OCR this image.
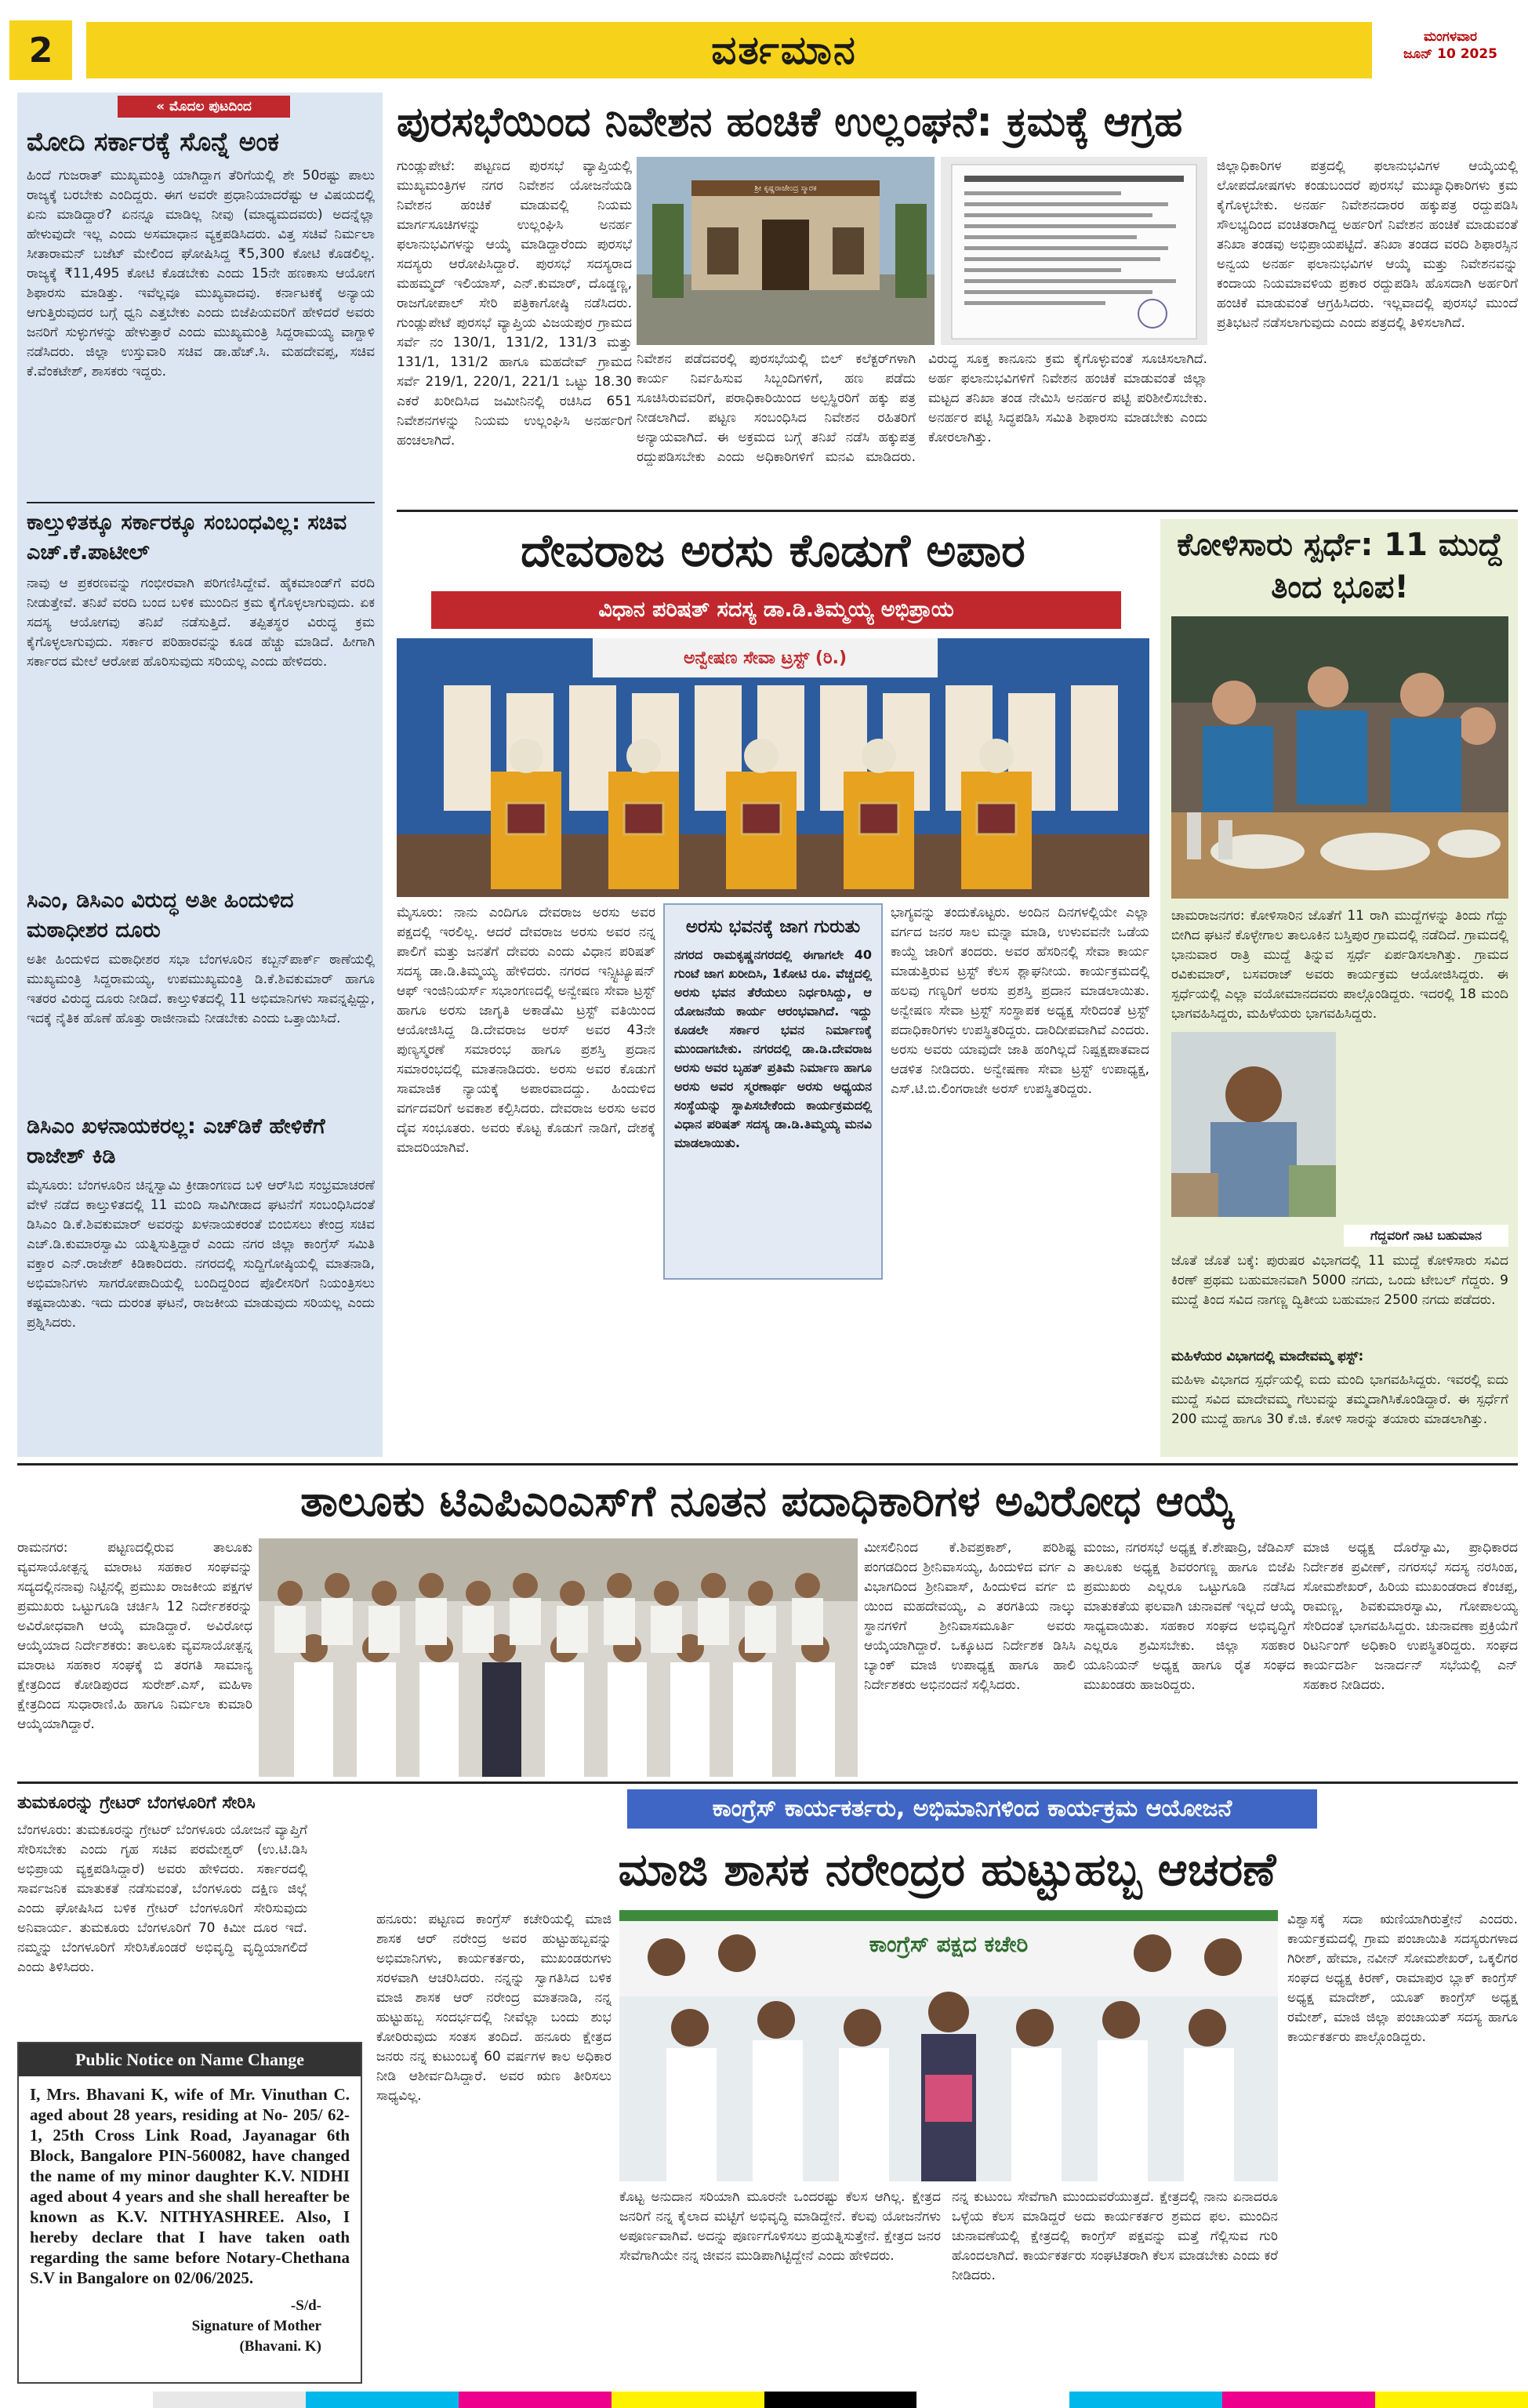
2	ವರ್ತಮಾನ	ಮಂಗಳವಾರ
ಜೂನ್ 10 2025
« ಮೊದಲ ಪುಟದಿಂದ
ಮೋದಿ ಸರ್ಕಾರಕ್ಕೆ ಸೊನ್ನೆ ಅಂಕ
ಹಿಂದೆ ಗುಜರಾತ್ ಮುಖ್ಯಮಂತ್ರಿ ಯಾಗಿದ್ದಾಗ ತೆರಿಗೆಯಲ್ಲಿ ಶೇ 50ರಷ್ಟು ಪಾಲು ರಾಜ್ಯಕ್ಕೆ ಬರಬೇಕು ಎಂದಿದ್ದರು. ಈಗ ಅವರೇ ಪ್ರಧಾನಿಯಾದರೆಷ್ಟು ಆ ವಿಷಯದಲ್ಲಿ ಏನು ಮಾಡಿದ್ದಾರೆ? ಏನನ್ನೂ ಮಾಡಿಲ್ಲ ನೀವು (ಮಾಧ್ಯಮದವರು) ಅದನ್ನೆಲ್ಲಾ ಹೇಳುವುದೇ ಇಲ್ಲ ಎಂದು ಅಸಮಾಧಾನ ವ್ಯಕ್ತಪಡಿಸಿದರು. ವಿತ್ತ ಸಚಿವೆ ನಿರ್ಮಲಾ ಸೀತಾರಾಮನ್ ಬಜೆಟ್ ಮೇಲಿಂದ ಘೋಷಿಸಿದ್ದ ₹5,300 ಕೋಟಿ ಕೊಡಲಿಲ್ಲ. ರಾಜ್ಯಕ್ಕೆ ₹11,495 ಕೋಟಿ ಕೊಡಬೇಕು ಎಂದು 15ನೇ ಹಣಕಾಸು ಆಯೋಗ ಶಿಫಾರಸು ಮಾಡಿತ್ತು. ಇವೆಲ್ಲವೂ ಮುಖ್ಯವಾದವು. ಕರ್ನಾಟಕಕ್ಕೆ ಅನ್ಯಾಯ ಆಗುತ್ತಿರುವುದರ ಬಗ್ಗೆ ಧ್ವನಿ ಎತ್ತಬೇಕು ಎಂದು ಬಿಜೆಪಿಯವರಿಗೆ ಹೇಳಿದರೆ ಅವರು ಜನರಿಗೆ ಸುಳ್ಳುಗಳನ್ನು ಹೇಳುತ್ತಾರೆ ಎಂದು ಮುಖ್ಯಮಂತ್ರಿ ಸಿದ್ದರಾಮಯ್ಯ ವಾಗ್ದಾಳಿ ನಡೆಸಿದರು. ಜಿಲ್ಲಾ ಉಸ್ತುವಾರಿ ಸಚಿವ ಡಾ.ಹೆಚ್.ಸಿ. ಮಹದೇವಪ್ಪ, ಸಚಿವ ಕೆ.ವೆಂಕಟೇಶ್, ಶಾಸಕರು ಇದ್ದರು.
ಕಾಲ್ತುಳಿತಕ್ಕೂ ಸರ್ಕಾರಕ್ಕೂ ಸಂಬಂಧವಿಲ್ಲ: ಸಚಿವ ಎಚ್.ಕೆ.ಪಾಟೀಲ್
ನಾವು ಆ ಪ್ರಕರಣವನ್ನು ಗಂಭೀರವಾಗಿ ಪರಿಗಣಿಸಿದ್ದೇವೆ. ಹೈಕಮಾಂಡ್‌ಗೆ ವರದಿ ನೀಡುತ್ತೇವೆ. ತನಿಖೆ ವರದಿ ಬಂದ ಬಳಿಕ ಮುಂದಿನ ಕ್ರಮ ಕೈಗೊಳ್ಳಲಾಗುವುದು. ಏಕ ಸದಸ್ಯ ಆಯೋಗವು ತನಿಖೆ ನಡೆಸುತ್ತಿದೆ. ತಪ್ಪಿತಸ್ಥರ ವಿರುದ್ಧ ಕ್ರಮ ಕೈಗೊಳ್ಳಲಾಗುವುದು. ಸರ್ಕಾರ ಪರಿಹಾರವನ್ನು ಕೂಡ ಹೆಚ್ಚು ಮಾಡಿದೆ. ಹೀಗಾಗಿ ಸರ್ಕಾರದ ಮೇಲೆ ಆರೋಪ ಹೊರಿಸುವುದು ಸರಿಯಲ್ಲ ಎಂದು ಹೇಳಿದರು.
ಸಿಎಂ, ಡಿಸಿಎಂ ವಿರುದ್ಧ ಅತೀ ಹಿಂದುಳಿದ ಮಠಾಧೀಶರ ದೂರು
ಅತೀ ಹಿಂದುಳಿದ ಮಠಾಧೀಶರ ಸಭಾ ಬೆಂಗಳೂರಿನ ಕಬ್ಬನ್‌ಪಾರ್ಕ್ ಠಾಣೆಯಲ್ಲಿ ಮುಖ್ಯಮಂತ್ರಿ ಸಿದ್ದರಾಮಯ್ಯ, ಉಪಮುಖ್ಯಮಂತ್ರಿ ಡಿ.ಕೆ.ಶಿವಕುಮಾರ್ ಹಾಗೂ ಇತರರ ವಿರುದ್ಧ ದೂರು ನೀಡಿದೆ. ಕಾಲ್ತುಳಿತದಲ್ಲಿ 11 ಅಭಿಮಾನಿಗಳು ಸಾವನ್ನಪ್ಪಿದ್ದು, ಇದಕ್ಕೆ ನೈತಿಕ ಹೊಣೆ ಹೊತ್ತು ರಾಜೀನಾಮೆ ನೀಡಬೇಕು ಎಂದು ಒತ್ತಾಯಿಸಿದೆ.
ಡಿಸಿಎಂ ಖಳನಾಯಕರಲ್ಲ: ಎಚ್‌ಡಿಕೆ ಹೇಳಿಕೆಗೆ ರಾಜೇಶ್ ಕಿಡಿ
ಮೈಸೂರು: ಬೆಂಗಳೂರಿನ ಚಿನ್ನಸ್ವಾಮಿ ಕ್ರೀಡಾಂಗಣದ ಬಳಿ ಆರ್‌ಸಿಬಿ ಸಂಭ್ರಮಾಚರಣೆ ವೇಳೆ ನಡೆದ ಕಾಲ್ತುಳಿತದಲ್ಲಿ 11 ಮಂದಿ ಸಾವಿಗೀಡಾದ ಘಟನೆಗೆ ಸಂಬಂಧಿಸಿದಂತೆ ಡಿಸಿಎಂ ಡಿ.ಕೆ.ಶಿವಕುಮಾರ್ ಅವರನ್ನು ಖಳನಾಯಕರಂತೆ ಬಿಂಬಿಸಲು ಕೇಂದ್ರ ಸಚಿವ ಎಚ್.ಡಿ.ಕುಮಾರಸ್ವಾಮಿ ಯತ್ನಿಸುತ್ತಿದ್ದಾರೆ ಎಂದು ನಗರ ಜಿಲ್ಲಾ ಕಾಂಗ್ರೆಸ್ ಸಮಿತಿ ವಕ್ತಾರ ಎನ್.ರಾಜೇಶ್ ಕಿಡಿಕಾರಿದರು. ನಗರದಲ್ಲಿ ಸುದ್ದಿಗೋಷ್ಠಿಯಲ್ಲಿ ಮಾತನಾಡಿ, ಅಭಿಮಾನಿಗಳು ಸಾಗರೋಪಾದಿಯಲ್ಲಿ ಬಂದಿದ್ದರಿಂದ ಪೊಲೀಸರಿಗೆ ನಿಯಂತ್ರಿಸಲು ಕಷ್ಟವಾಯಿತು. ಇದು ದುರಂತ ಘಟನೆ, ರಾಜಕೀಯ ಮಾಡುವುದು ಸರಿಯಲ್ಲ ಎಂದು ಪ್ರಶ್ನಿಸಿದರು.
ಪುರಸಭೆಯಿಂದ ನಿವೇಶನ ಹಂಚಿಕೆ ಉಲ್ಲಂಘನೆ: ಕ್ರಮಕ್ಕೆ ಆಗ್ರಹ
ಗುಂಡ್ಲುಪೇಟೆ: ಪಟ್ಟಣದ ಪುರಸಭೆ ವ್ಯಾಪ್ತಿಯಲ್ಲಿ ಮುಖ್ಯಮಂತ್ರಿಗಳ ನಗರ ನಿವೇಶನ ಯೋಜನೆಯಡಿ ನಿವೇಶನ ಹಂಚಿಕೆ ಮಾಡುವಲ್ಲಿ ನಿಯಮ ಮಾರ್ಗಸೂಚಿಗಳನ್ನು ಉಲ್ಲಂಘಿಸಿ ಅನರ್ಹ ಫಲಾನುಭವಿಗಳನ್ನು ಆಯ್ಕೆ ಮಾಡಿದ್ದಾರೆಂದು ಪುರಸಭೆ ಸದಸ್ಯರು ಆರೋಪಿಸಿದ್ದಾರೆ. ಪುರಸಭೆ ಸದಸ್ಯರಾದ ಮಹಮ್ಮದ್ ಇಲಿಯಾಸ್, ಎನ್.ಕುಮಾರ್, ದೊಡ್ಡಣ್ಣ, ರಾಜಗೋಪಾಲ್ ಸೇರಿ ಪತ್ರಿಕಾಗೋಷ್ಠಿ ನಡೆಸಿದರು. ಗುಂಡ್ಲುಪೇಟೆ ಪುರಸಭೆ ವ್ಯಾಪ್ತಿಯ ವಿಜಯಪುರ ಗ್ರಾಮದ ಸರ್ವೆ ನಂ 130/1, 131/2, 131/3 ಮತ್ತು 131/1, 131/2 ಹಾಗೂ ಮಹದೇವ್ ಗ್ರಾಮದ ಸರ್ವೆ 219/1, 220/1, 221/1 ಒಟ್ಟು 18.30 ಎಕರೆ ಖರೀದಿಸಿದ ಜಮೀನಿನಲ್ಲಿ ರಚಿಸಿದ 651 ನಿವೇಶನಗಳನ್ನು ನಿಯಮ ಉಲ್ಲಂಘಿಸಿ ಅನರ್ಹರಿಗೆ ಹಂಚಲಾಗಿದೆ.
ಶ್ರೀ ಕೃಷ್ಣರಾಜೇಂದ್ರ ಸ್ಮಾರಕ
ನಿವೇಶನ ಪಡೆದವರಲ್ಲಿ ಪುರಸಭೆಯಲ್ಲಿ ಬಿಲ್ ಕಲೆಕ್ಟರ್‌ಗಳಾಗಿ ಕಾರ್ಯ ನಿರ್ವಹಿಸುವ ಸಿಬ್ಬಂದಿಗಳಿಗೆ, ಹಣ ಪಡೆದು ಸೂಚಿಸಿರುವವರಿಗೆ, ಪರಾಧಿಕಾರಿಯಿಂದ ಅಲ್ಪಸ್ಥಿರರಿಗೆ ಹಕ್ಕು ಪತ್ರ ನೀಡಲಾಗಿದೆ. ಪಟ್ಟಣ ಸಂಬಂಧಿಸಿದ ನಿವೇಶನ ರಹಿತರಿಗೆ ಅನ್ಯಾಯವಾಗಿದೆ. ಈ ಅಕ್ರಮದ ಬಗ್ಗೆ ತನಿಖೆ ನಡೆಸಿ ಹಕ್ಕುಪತ್ರ ರದ್ದುಪಡಿಸಬೇಕು ಎಂದು ಅಧಿಕಾರಿಗಳಿಗೆ ಮನವಿ ಮಾಡಿದರು. ವಿರುದ್ಧ ಸೂಕ್ತ ಕಾನೂನು ಕ್ರಮ ಕೈಗೊಳ್ಳುವಂತೆ ಸೂಚಿಸಲಾಗಿದೆ. ಅರ್ಹ ಫಲಾನುಭವಿಗಳಿಗೆ ನಿವೇಶನ ಹಂಚಿಕೆ ಮಾಡುವಂತೆ ಜಿಲ್ಲಾ ಮಟ್ಟದ ತನಿಖಾ ತಂಡ ನೇಮಿಸಿ ಅನರ್ಹರ ಪಟ್ಟಿ ಪರಿಶೀಲಿಸಬೇಕು. ಅನರ್ಹರ ಪಟ್ಟಿ ಸಿದ್ಧಪಡಿಸಿ ಸಮಿತಿ ಶಿಫಾರಸು ಮಾಡಬೇಕು ಎಂದು ಕೋರಲಾಗಿತ್ತು.
ಜಿಲ್ಲಾಧಿಕಾರಿಗಳ ಪತ್ರದಲ್ಲಿ ಫಲಾನುಭವಿಗಳ ಆಯ್ಕೆಯಲ್ಲಿ ಲೋಪದೋಷಗಳು ಕಂಡುಬಂದರೆ ಪುರಸಭೆ ಮುಖ್ಯಾಧಿಕಾರಿಗಳು ಕ್ರಮ ಕೈಗೊಳ್ಳಬೇಕು. ಅನರ್ಹ ನಿವೇಶನದಾರರ ಹಕ್ಕುಪತ್ರ ರದ್ದುಪಡಿಸಿ ಸೌಲಭ್ಯದಿಂದ ವಂಚಿತರಾಗಿದ್ದ ಅರ್ಹರಿಗೆ ನಿವೇಶನ ಹಂಚಿಕೆ ಮಾಡುವಂತೆ ತನಿಖಾ ತಂಡವು ಅಭಿಪ್ರಾಯಪಟ್ಟಿದೆ. ತನಿಖಾ ತಂಡದ ವರದಿ ಶಿಫಾರಸ್ಸಿನ ಅನ್ವಯ ಅನರ್ಹ ಫಲಾನುಭವಿಗಳ ಆಯ್ಕೆ ಮತ್ತು ನಿವೇಶನವನ್ನು ಕಂದಾಯ ನಿಯಮಾವಳಿಯ ಪ್ರಕಾರ ರದ್ದುಪಡಿಸಿ ಹೊಸದಾಗಿ ಅರ್ಹರಿಗೆ ಹಂಚಿಕೆ ಮಾಡುವಂತೆ ಆಗ್ರಹಿಸಿದರು. ಇಲ್ಲವಾದಲ್ಲಿ ಪುರಸಭೆ ಮುಂದೆ ಪ್ರತಿಭಟನೆ ನಡೆಸಲಾಗುವುದು ಎಂದು ಪತ್ರದಲ್ಲಿ ತಿಳಿಸಲಾಗಿದೆ.
ದೇವರಾಜ ಅರಸು ಕೊಡುಗೆ ಅಪಾರ
ವಿಧಾನ ಪರಿಷತ್ ಸದಸ್ಯ ಡಾ.ಡಿ.ತಿಮ್ಮಯ್ಯ ಅಭಿಪ್ರಾಯ
ಅನ್ವೇಷಣ ಸೇವಾ ಟ್ರಸ್ಟ್ (ರಿ.)
ಮೈಸೂರು: ನಾನು ಎಂದಿಗೂ ದೇವರಾಜ ಅರಸು ಅವರ ಪಕ್ಷದಲ್ಲಿ ಇರಲಿಲ್ಲ. ಆದರೆ ದೇವರಾಜ ಅರಸು ಅವರ ನನ್ನ ಪಾಲಿಗೆ ಮತ್ತು ಜನತೆಗೆ ದೇವರು ಎಂದು ವಿಧಾನ ಪರಿಷತ್ ಸದಸ್ಯ ಡಾ.ಡಿ.ತಿಮ್ಮಯ್ಯ ಹೇಳಿದರು. ನಗರದ ಇನ್ಸ್ಟಿಟ್ಯೂಷನ್ ಆಫ್ ಇಂಜಿನಿಯರ್ಸ್ ಸಭಾಂಗಣದಲ್ಲಿ ಅನ್ವೇಷಣ ಸೇವಾ ಟ್ರಸ್ಟ್ ಹಾಗೂ ಅರಸು ಜಾಗೃತಿ ಅಕಾಡೆಮಿ ಟ್ರಸ್ಟ್ ವತಿಯಿಂದ ಆಯೋಜಿಸಿದ್ದ ಡಿ.ದೇವರಾಜ ಅರಸ್ ಅವರ 43ನೇ ಪುಣ್ಯಸ್ಮರಣೆ ಸಮಾರಂಭ ಹಾಗೂ ಪ್ರಶಸ್ತಿ ಪ್ರದಾನ ಸಮಾರಂಭದಲ್ಲಿ ಮಾತನಾಡಿದರು. ಅರಸು ಅವರ ಕೊಡುಗೆ ಸಾಮಾಜಿಕ ನ್ಯಾಯಕ್ಕೆ ಅಪಾರವಾದದ್ದು. ಹಿಂದುಳಿದ ವರ್ಗದವರಿಗೆ ಅವಕಾಶ ಕಲ್ಪಿಸಿದರು. ದೇವರಾಜ ಅರಸು ಅವರ ದೈವ ಸಂಭೂತರು. ಅವರು ಕೊಟ್ಟ ಕೊಡುಗೆ ನಾಡಿಗೆ, ದೇಶಕ್ಕೆ ಮಾದರಿಯಾಗಿವೆ.
ಅರಸು ಭವನಕ್ಕೆ ಜಾಗ ಗುರುತು
ನಗರದ ರಾಮಕೃಷ್ಣನಗರದಲ್ಲಿ ಈಗಾಗಲೇ 40 ಗುಂಟೆ ಜಾಗ ಖರೀದಿಸಿ, 1ಕೋಟಿ ರೂ. ವೆಚ್ಚದಲ್ಲಿ ಅರಸು ಭವನ ತೆರೆಯಲು ನಿರ್ಧರಿಸಿದ್ದು, ಆ ಯೋಜನೆಯ ಕಾರ್ಯ ಆರಂಭವಾಗಿದೆ. ಇದ್ದು ಕೂಡಲೇ ಸರ್ಕಾರ ಭವನ ನಿರ್ಮಾಣಕ್ಕೆ ಮುಂದಾಗಬೇಕು. ನಗರದಲ್ಲಿ ಡಾ.ಡಿ.ದೇವರಾಜ ಅರಸು ಅವರ ಬೃಹತ್ ಪ್ರತಿಮೆ ನಿರ್ಮಾಣ ಹಾಗೂ ಅರಸು ಅವರ ಸ್ಮರಣಾರ್ಥ ಅರಸು ಅಧ್ಯಯನ ಸಂಸ್ಥೆಯನ್ನು ಸ್ಥಾಪಿಸಬೇಕೆಂದು ಕಾರ್ಯಕ್ರಮದಲ್ಲಿ ವಿಧಾನ ಪರಿಷತ್ ಸದಸ್ಯ ಡಾ.ಡಿ.ತಿಮ್ಮಯ್ಯ ಮನವಿ ಮಾಡಲಾಯಿತು.
ಭಾಗ್ಯವನ್ನು ತಂದುಕೊಟ್ಟರು. ಅಂದಿನ ದಿನಗಳಲ್ಲಿಯೇ ಎಲ್ಲಾ ವರ್ಗದ ಜನರ ಸಾಲ ಮನ್ನಾ ಮಾಡಿ, ಉಳುವವನೇ ಒಡೆಯ ಕಾಯ್ದೆ ಜಾರಿಗೆ ತಂದರು. ಅವರ ಹೆಸರಿನಲ್ಲಿ ಸೇವಾ ಕಾರ್ಯ ಮಾಡುತ್ತಿರುವ ಟ್ರಸ್ಟ್ ಕೆಲಸ ಶ್ಲಾಘನೀಯ. ಕಾರ್ಯಕ್ರಮದಲ್ಲಿ ಹಲವು ಗಣ್ಯರಿಗೆ ಅರಸು ಪ್ರಶಸ್ತಿ ಪ್ರದಾನ ಮಾಡಲಾಯಿತು. ಅನ್ವೇಷಣ ಸೇವಾ ಟ್ರಸ್ಟ್ ಸಂಸ್ಥಾಪಕ ಅಧ್ಯಕ್ಷ ಸೇರಿದಂತೆ ಟ್ರಸ್ಟ್ ಪದಾಧಿಕಾರಿಗಳು ಉಪಸ್ಥಿತರಿದ್ದರು. ದಾರಿದೀಪವಾಗಿವೆ ಎಂದರು. ಅರಸು ಅವರು ಯಾವುದೇ ಜಾತಿ ಹಂಗಿಲ್ಲದೆ ನಿಷ್ಪಕ್ಷಪಾತವಾದ ಆಡಳಿತ ನೀಡಿದರು. ಅನ್ವೇಷಣಾ ಸೇವಾ ಟ್ರಸ್ಟ್ ಉಪಾಧ್ಯಕ್ಷ, ಎಸ್.ಟಿ.ಬಿ.ಲಿಂಗರಾಜೇ ಅರಸ್ ಉಪಸ್ಥಿತರಿದ್ದರು.
ಕೋಳಿಸಾರು ಸ್ಪರ್ಧೆ: 11 ಮುದ್ದೆ ತಿಂದ ಭೂಪ!
ಚಾಮರಾಜನಗರ: ಕೋಳಿಸಾರಿನ ಜೊತೆಗೆ 11 ರಾಗಿ ಮುದ್ದೆಗಳನ್ನು ತಿಂದು ಗೆದ್ದು ಬೀಗಿದ ಘಟನೆ ಕೊಳ್ಳೇಗಾಲ ತಾಲೂಕಿನ ಬಸ್ತಿಪುರ ಗ್ರಾಮದಲ್ಲಿ ನಡೆದಿದೆ. ಗ್ರಾಮದಲ್ಲಿ ಭಾನುವಾರ ರಾತ್ರಿ ಮುದ್ದೆ ತಿನ್ನುವ ಸ್ಪರ್ಧೆ ಏರ್ಪಡಿಸಲಾಗಿತ್ತು. ಗ್ರಾಮದ ರವಿಕುಮಾರ್, ಬಸವರಾಜ್ ಅವರು ಕಾರ್ಯಕ್ರಮ ಆಯೋಜಿಸಿದ್ದರು. ಈ ಸ್ಪರ್ಧೆಯಲ್ಲಿ ಎಲ್ಲಾ ವಯೋಮಾನದವರು ಪಾಲ್ಗೊಂಡಿದ್ದರು. ಇದರಲ್ಲಿ 18 ಮಂದಿ ಭಾಗವಹಿಸಿದ್ದರು, ಮಹಿಳೆಯರು ಭಾಗವಹಿಸಿದ್ದರು.
ಗೆದ್ದವರಿಗೆ ನಾಟಿ ಬಹುಮಾನ
ಜೊತೆ ಜೊತೆ ಬಕ್ಕೆ: ಪುರುಷರ ವಿಭಾಗದಲ್ಲಿ 11 ಮುದ್ದೆ ಕೋಳಿಸಾರು ಸವಿದ ಕಿರಣ್ ಪ್ರಥಮ ಬಹುಮಾನವಾಗಿ 5000 ನಗದು, ಒಂದು ಟೇಬಲ್ ಗೆದ್ದರು. 9 ಮುದ್ದೆ ತಿಂದ ಸವಿದ ನಾಗಣ್ಣ ದ್ವಿತೀಯ ಬಹುಮಾನ 2500 ನಗದು ಪಡೆದರು.
ಮಹಿಳೆಯರ ವಿಭಾಗದಲ್ಲಿ ಮಾದೇವಮ್ಮ ಫಸ್ಟ್:
ಮಹಿಳಾ ವಿಭಾಗದ ಸ್ಪರ್ಧೆಯಲ್ಲಿ ಐದು ಮಂದಿ ಭಾಗವಹಿಸಿದ್ದರು. ಇವರಲ್ಲಿ ಐದು ಮುದ್ದೆ ಸವಿದ ಮಾದೇವಮ್ಮ ಗೆಲುವನ್ನು ತಮ್ಮದಾಗಿಸಿಕೊಂಡಿದ್ದಾರೆ. ಈ ಸ್ಪರ್ಧೆಗೆ 200 ಮುದ್ದೆ ಹಾಗೂ 30 ಕೆ.ಜಿ. ಕೋಳಿ ಸಾರನ್ನು ತಯಾರು ಮಾಡಲಾಗಿತ್ತು.
ತಾಲೂಕು ಟಿಎಪಿಎಂಎಸ್‌ಗೆ ನೂತನ ಪದಾಧಿಕಾರಿಗಳ ಅವಿರೋಧ ಆಯ್ಕೆ
ರಾಮನಗರ: ಪಟ್ಟಣದಲ್ಲಿರುವ ತಾಲೂಕು ವ್ಯವಸಾಯೋತ್ಪನ್ನ ಮಾರಾಟ ಸಹಕಾರ ಸಂಘವನ್ನು ಸದ್ಯದಲ್ಲಿನನಾವು ನಿಟ್ಟಿನಲ್ಲಿ ಪ್ರಮುಖ ರಾಜಕೀಯ ಪಕ್ಷಗಳ ಪ್ರಮುಖರು ಒಟ್ಟುಗೂಡಿ ಚರ್ಚಿಸಿ 12 ನಿರ್ದೇಶಕರನ್ನು ಅವಿರೋಧವಾಗಿ ಆಯ್ಕೆ ಮಾಡಿದ್ದಾರೆ. ಅವಿರೋಧ ಆಯ್ಕೆಯಾದ ನಿರ್ದೇಶಕರು: ತಾಲೂಕು ವ್ಯವಸಾಯೋತ್ಪನ್ನ ಮಾರಾಟ ಸಹಕಾರ ಸಂಘಕ್ಕೆ ಬಿ ತರಗತಿ ಸಾಮಾನ್ಯ ಕ್ಷೇತ್ರದಿಂದ ಕೋಡಿಪುರದ ಸುರೇಶ್.ಎಸ್, ಮಹಿಳಾ ಕ್ಷೇತ್ರದಿಂದ ಸುಧಾರಾಣಿ.ಹಿ ಹಾಗೂ ನಿರ್ಮಲಾ ಕುಮಾರಿ ಆಯ್ಕೆಯಾಗಿದ್ದಾರೆ.
ಮೀಸಲಿನಿಂದ ಕೆ.ಶಿವಪ್ರಕಾಶ್, ಪರಿಶಿಷ್ಟ ಪಂಗಡದಿಂದ ಶ್ರೀನಿವಾಸಯ್ಯ, ಹಿಂದುಳಿದ ವರ್ಗ ಎ ವಿಭಾಗದಿಂದ ಶ್ರೀನಿವಾಸ್, ಹಿಂದುಳಿದ ವರ್ಗ ಬಿ ಯಿಂದ ಮಹದೇವಯ್ಯ, ಎ ತರಗತಿಯ ನಾಲ್ಕು ಸ್ಥಾನಗಳಿಗೆ ಶ್ರೀನಿವಾಸಮೂರ್ತಿ ಅವರು ಆಯ್ಕೆಯಾಗಿದ್ದಾರೆ. ಒಕ್ಕೂಟದ ನಿರ್ದೇಶಕ ಡಿಸಿಸಿ ಬ್ಯಾಂಕ್ ಮಾಜಿ ಉಪಾಧ್ಯಕ್ಷ ಹಾಗೂ ಹಾಲಿ ನಿರ್ದೇಶಕರು ಅಭಿನಂದನೆ ಸಲ್ಲಿಸಿದರು.
ಮಂಜು, ನಗರಸಭೆ ಅಧ್ಯಕ್ಷ ಕೆ.ಶೇಷಾದ್ರಿ, ಜೆಡಿಎಸ್ ತಾಲೂಕು ಅಧ್ಯಕ್ಷ ಶಿವರಂಗಣ್ಣ ಹಾಗೂ ಬಿಜೆಪಿ ಪ್ರಮುಖರು ಎಲ್ಲರೂ ಒಟ್ಟುಗೂಡಿ ನಡೆಸಿದ ಮಾತುಕತೆಯ ಫಲವಾಗಿ ಚುನಾವಣೆ ಇಲ್ಲದೆ ಆಯ್ಕೆ ಸಾಧ್ಯವಾಯಿತು. ಸಹಕಾರ ಸಂಘದ ಅಭಿವೃದ್ಧಿಗೆ ಎಲ್ಲರೂ ಶ್ರಮಿಸಬೇಕು. ಜಿಲ್ಲಾ ಸಹಕಾರ ಯೂನಿಯನ್ ಅಧ್ಯಕ್ಷ ಹಾಗೂ ರೈತ ಸಂಘದ ಮುಖಂಡರು ಹಾಜರಿದ್ದರು.
ಮಾಜಿ ಅಧ್ಯಕ್ಷ ದೊರೆಸ್ವಾಮಿ, ಪ್ರಾಧಿಕಾರದ ನಿರ್ದೇಶಕ ಪ್ರವೀಣ್, ನಗರಸಭೆ ಸದಸ್ಯ ನರಸಿಂಹ, ಸೋಮಶೇಖರ್, ಹಿರಿಯ ಮುಖಂಡರಾದ ಕೆಂಚಪ್ಪ, ರಾಮಣ್ಣ, ಶಿವಕುಮಾರಸ್ವಾಮಿ, ಗೋಪಾಲಯ್ಯ ಸೇರಿದಂತೆ ಭಾಗವಹಿಸಿದ್ದರು. ಚುನಾವಣಾ ಪ್ರಕ್ರಿಯೆಗೆ ರಿಟರ್ನಿಂಗ್ ಅಧಿಕಾರಿ ಉಪಸ್ಥಿತರಿದ್ದರು. ಸಂಘದ ಕಾರ್ಯದರ್ಶಿ ಜನಾರ್ದನ್ ಸಭೆಯಲ್ಲಿ ಎನ್ ಸಹಕಾರ ನೀಡಿದರು.
ತುಮಕೂರನ್ನು ಗ್ರೇಟರ್ ಬೆಂಗಳೂರಿಗೆ ಸೇರಿಸಿ
ಬೆಂಗಳೂರು: ತುಮಕೂರನ್ನು ಗ್ರೇಟರ್ ಬೆಂಗಳೂರು ಯೋಜನೆ ವ್ಯಾಪ್ತಿಗೆ ಸೇರಿಸಬೇಕು ಎಂದು ಗೃಹ ಸಚಿವ ಪರಮೇಶ್ವರ್ (ಉ.ಟಿ.ಡಿಸಿ ಅಭಿಪ್ರಾಯ ವ್ಯಕ್ತಪಡಿಸಿದ್ದಾರೆ) ಅವರು ಹೇಳಿದರು. ಸರ್ಕಾರದಲ್ಲಿ ಸಾರ್ವಜನಿಕ ಮಾತುಕತೆ ನಡೆಸುವಂತೆ, ಬೆಂಗಳೂರು ದಕ್ಷಿಣ ಜಿಲ್ಲೆ ಎಂದು ಘೋಷಿಸಿದ ಬಳಿಕ ಗ್ರೇಟರ್ ಬೆಂಗಳೂರಿಗೆ ಸೇರಿಸುವುದು ಅನಿವಾರ್ಯ. ತುಮಕೂರು ಬೆಂಗಳೂರಿಗೆ 70 ಕಿಮೀ ದೂರ ಇದೆ. ನಮ್ಮನ್ನು ಬೆಂಗಳೂರಿಗೆ ಸೇರಿಸಿಕೊಂಡರೆ ಅಭಿವೃದ್ಧಿ ವೃದ್ಧಿಯಾಗಲಿದೆ ಎಂದು ತಿಳಿಸಿದರು.
Public Notice on Name Change
I, Mrs. Bhavani K, wife of Mr. Vinuthan C. aged about 28 years, residing at No- 205/ 62-1, 25th Cross Link Road, Jayanagar 6th Block, Bangalore PIN-560082, have changed the name of my minor daughter K.V. NIDHI aged about 4 years and she shall hereafter be known as K.V. NITHYASHREE. Also, I hereby declare that I have taken oath regarding the same before Notary-Chethana S.V in Bangalore on 02/06/2025.
-S/d-
Signature of Mother
(Bhavani. K)
ಕಾಂಗ್ರೆಸ್ ಕಾರ್ಯಕರ್ತರು, ಅಭಿಮಾನಿಗಳಿಂದ ಕಾರ್ಯಕ್ರಮ ಆಯೋಜನೆ
ಮಾಜಿ ಶಾಸಕ ನರೇಂದ್ರರ ಹುಟ್ಟುಹಬ್ಬ ಆಚರಣೆ
ಹನೂರು: ಪಟ್ಟಣದ ಕಾಂಗ್ರೆಸ್ ಕಚೇರಿಯಲ್ಲಿ ಮಾಜಿ ಶಾಸಕ ಆರ್ ನರೇಂದ್ರ ಅವರ ಹುಟ್ಟುಹಬ್ಬವನ್ನು ಅಭಿಮಾನಿಗಳು, ಕಾರ್ಯಕರ್ತರು, ಮುಖಂಡರುಗಳು ಸರಳವಾಗಿ ಆಚರಿಸಿದರು. ನನ್ನನ್ನು ಸ್ವಾಗತಿಸಿದ ಬಳಿಕ ಮಾಜಿ ಶಾಸಕ ಆರ್ ನರೇಂದ್ರ ಮಾತನಾಡಿ, ನನ್ನ ಹುಟ್ಟುಹಬ್ಬ ಸಂದರ್ಭದಲ್ಲಿ ನೀವೆಲ್ಲಾ ಬಂದು ಶುಭ ಕೋರಿರುವುದು ಸಂತಸ ತಂದಿದೆ. ಹನೂರು ಕ್ಷೇತ್ರದ ಜನರು ನನ್ನ ಕುಟುಂಬಕ್ಕೆ 60 ವರ್ಷಗಳ ಕಾಲ ಅಧಿಕಾರ ನೀಡಿ ಆಶೀರ್ವದಿಸಿದ್ದಾರೆ. ಅವರ ಋಣ ತೀರಿಸಲು ಸಾಧ್ಯವಿಲ್ಲ.
ಕಾಂಗ್ರೆಸ್ ಪಕ್ಷದ ಕಚೇರಿ
ಕೊಟ್ಟ ಅನುದಾನ ಸರಿಯಾಗಿ ಮೂರನೇ ಒಂದರಷ್ಟು ಕೆಲಸ ಆಗಿಲ್ಲ. ಕ್ಷೇತ್ರದ ಜನರಿಗೆ ನನ್ನ ಕೈಲಾದ ಮಟ್ಟಿಗೆ ಅಭಿವೃದ್ಧಿ ಮಾಡಿದ್ದೇನೆ. ಕೆಲವು ಯೋಜನೆಗಳು ಅಪೂರ್ಣವಾಗಿವೆ. ಅದನ್ನು ಪೂರ್ಣಗೊಳಿಸಲು ಪ್ರಯತ್ನಿಸುತ್ತೇನೆ. ಕ್ಷೇತ್ರದ ಜನರ ಸೇವೆಗಾಗಿಯೇ ನನ್ನ ಜೀವನ ಮುಡಿಪಾಗಿಟ್ಟಿದ್ದೇನೆ ಎಂದು ಹೇಳಿದರು.
ನನ್ನ ಕುಟುಂಬ ಸೇವೆಗಾಗಿ ಮುಂದುವರೆಯುತ್ತದೆ. ಕ್ಷೇತ್ರದಲ್ಲಿ ನಾನು ಏನಾದರೂ ಒಳ್ಳೆಯ ಕೆಲಸ ಮಾಡಿದ್ದರೆ ಅದು ಕಾರ್ಯಕರ್ತರ ಶ್ರಮದ ಫಲ. ಮುಂದಿನ ಚುನಾವಣೆಯಲ್ಲಿ ಕ್ಷೇತ್ರದಲ್ಲಿ ಕಾಂಗ್ರೆಸ್ ಪಕ್ಷವನ್ನು ಮತ್ತೆ ಗೆಲ್ಲಿಸುವ ಗುರಿ ಹೊಂದಲಾಗಿದೆ. ಕಾರ್ಯಕರ್ತರು ಸಂಘಟಿತರಾಗಿ ಕೆಲಸ ಮಾಡಬೇಕು ಎಂದು ಕರೆ ನೀಡಿದರು.
ವಿಶ್ವಾಸಕ್ಕೆ ಸದಾ ಋಣಿಯಾಗಿರುತ್ತೇನೆ ಎಂದರು. ಕಾರ್ಯಕ್ರಮದಲ್ಲಿ ಗ್ರಾಮ ಪಂಚಾಯಿತಿ ಸದಸ್ಯರುಗಳಾದ ಗಿರೀಶ್, ಹೇಮಾ, ನವೀನ್ ಸೋಮಶೇಖರ್, ಒಕ್ಕಲಿಗರ ಸಂಘದ ಅಧ್ಯಕ್ಷ ಕಿರಣ್, ರಾಮಾಪುರ ಬ್ಲಾಕ್ ಕಾಂಗ್ರೆಸ್ ಅಧ್ಯಕ್ಷ ಮಾದೇಶ್, ಯೂತ್ ಕಾಂಗ್ರೆಸ್ ಅಧ್ಯಕ್ಷ ರಮೇಶ್, ಮಾಜಿ ಜಿಲ್ಲಾ ಪಂಚಾಯತ್ ಸದಸ್ಯ ಹಾಗೂ ಕಾರ್ಯಕರ್ತರು ಪಾಲ್ಗೊಂಡಿದ್ದರು.
